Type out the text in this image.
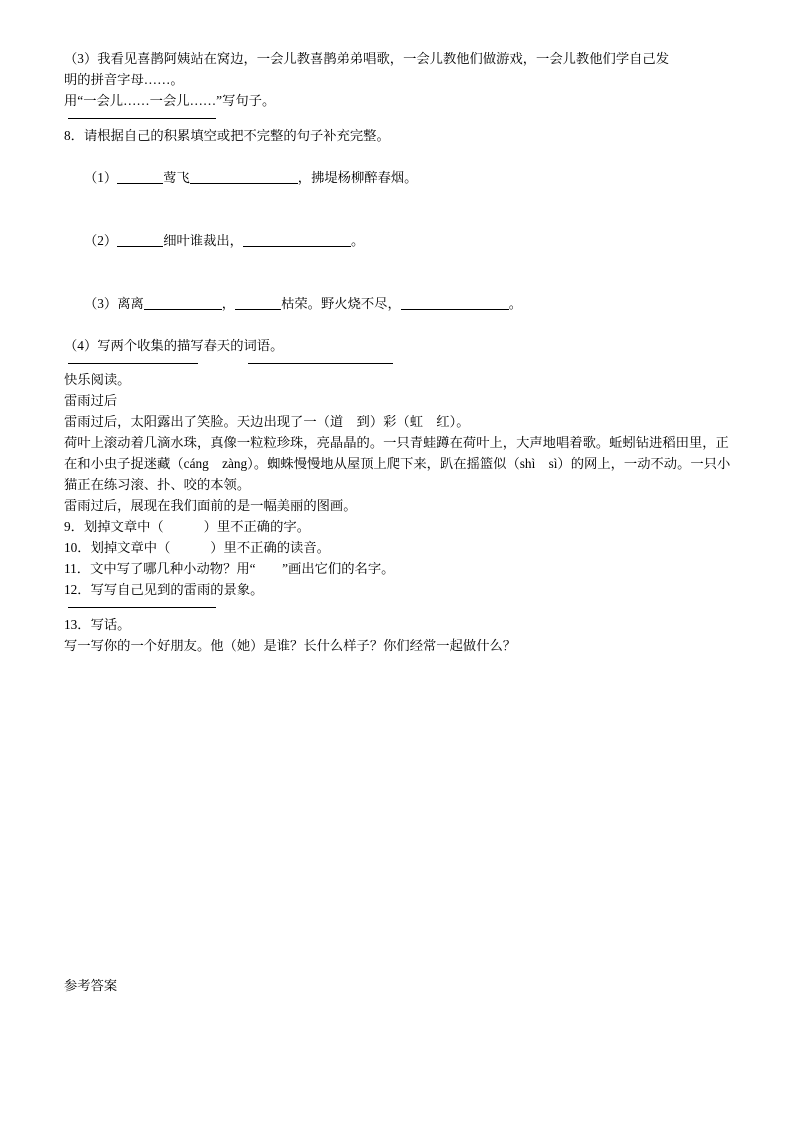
（3）我看见喜鹊阿姨站在窝边，一会儿教喜鹊弟弟唱歌，一会儿教他们做游戏，一会儿教他们学自己发

明的拼音字母……。

用“一会儿……一会儿……”写句子。

8．请根据自己的积累填空或把不完整的句子补充完整。

（1）	莺飞	，拂堤杨柳醉春烟。

（2）	细叶谁裁出，	。

（3）离离	，	枯荣。野火烧不尽，	。

（4）写两个收集的描写春天的词语。

快乐阅读。

雷雨过后

雷雨过后，太阳露出了笑脸。天边出现了一（道　到）彩（虹　红）。

荷叶上滚动着几滴水珠，真像一粒粒珍珠，亮晶晶的。一只青蛙蹲在荷叶上，大声地唱着歌。蚯蚓钻进稻田里，正在和小虫子捉迷藏（cáng　zàng）。蜘蛛慢慢地从屋顶上爬下来，趴在摇篮似（shì　sì）的网上，一动不动。一只小猫正在练习滚、扑、咬的本领。

雷雨过后，展现在我们面前的是一幅美丽的图画。

9．划掉文章中（　　　）里不正确的字。

10．划掉文章中（　　　）里不正确的读音。

11．文中写了哪几种小动物？用“　　”画出它们的名字。

12．写写自己见到的雷雨的景象。

13．写话。

写一写你的一个好朋友。他（她）是谁？长什么样子？你们经常一起做什么？

参考答案
